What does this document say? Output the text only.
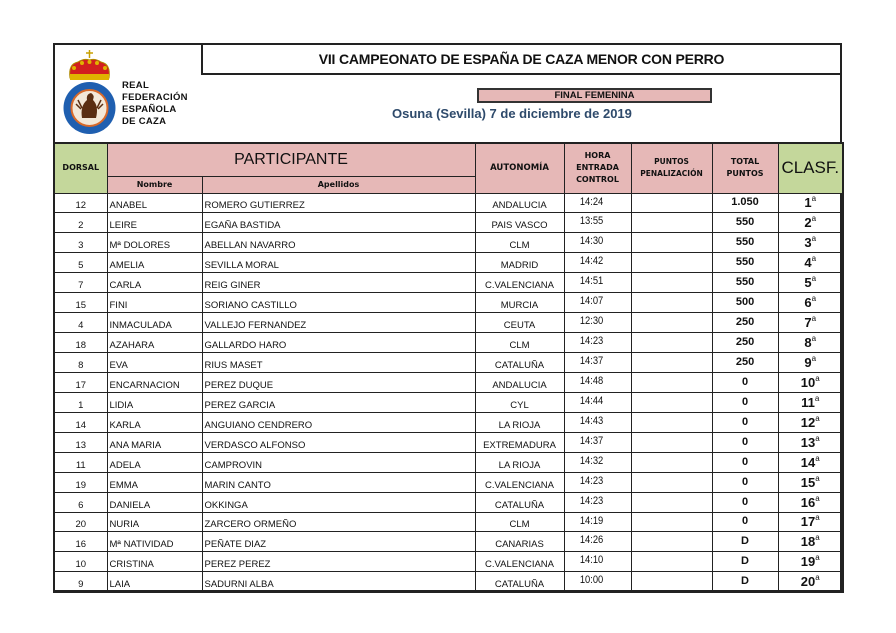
VII CAMPEONATO DE ESPAÑA DE CAZA MENOR CON PERRO
REAL
FEDERACIÓN
ESPAÑOLA
DE CAZA
FINAL FEMENINA
Osuna (Sevilla) 7 de diciembre de 2019
DORSAL	PARTICIPANTE		AUTONOMÍA	HORA ENTRADA CONTROL	PUNTOS PENALIZACIÓN	TOTAL PUNTOS	CLASF.
	Nombre	Apellidos					
12	ANABEL	ROMERO GUTIERREZ	ANDALUCIA	14:24		1.050	1$^a$
2	LEIRE	EGAÑA BASTIDA	PAIS VASCO	13:55		550	2$^a$
3	Mª DOLORES	ABELLAN NAVARRO	CLM	14:30		550	3$^a$
5	AMELIA	SEVILLA MORAL	MADRID	14:42		550	4$^a$
7	CARLA	REIG GINER	C.VALENCIANA	14:51		550	5$^a$
15	FINI	SORIANO CASTILLO	MURCIA	14:07		500	6$^a$
4	INMACULADA	VALLEJO FERNANDEZ	CEUTA	12:30		250	7$^a$
18	AZAHARA	GALLARDO HARO	CLM	14:23		250	8$^a$
8	EVA	RIUS MASET	CATALUÑA	14:37		250	9$^a$
17	ENCARNACION	PEREZ DUQUE	ANDALUCIA	14:48		0	10$^a$
1	LIDIA	PEREZ GARCIA	CYL	14:44		0	11$^a$
14	KARLA	ANGUIANO CENDRERO	LA RIOJA	14:43		0	12$^a$
13	ANA MARIA	VERDASCO ALFONSO	EXTREMADURA	14:37		0	13$^a$
11	ADELA	CAMPROVIN	LA RIOJA	14:32		0	14$^a$
19	EMMA	MARIN CANTO	C.VALENCIANA	14:23		0	15$^a$
6	DANIELA	OKKINGA	CATALUÑA	14:23		0	16$^a$
20	NURIA	ZARCERO ORMEÑO	CLM	14:19		0	17$^a$
16	Mª NATIVIDAD	PEÑATE DIAZ	CANARIAS	14:26		D	18$^a$
10	CRISTINA	PEREZ PEREZ	C.VALENCIANA	14:10		D	19$^a$
9	LAIA	SADURNI ALBA	CATALUÑA	10:00		D	20$^a$
